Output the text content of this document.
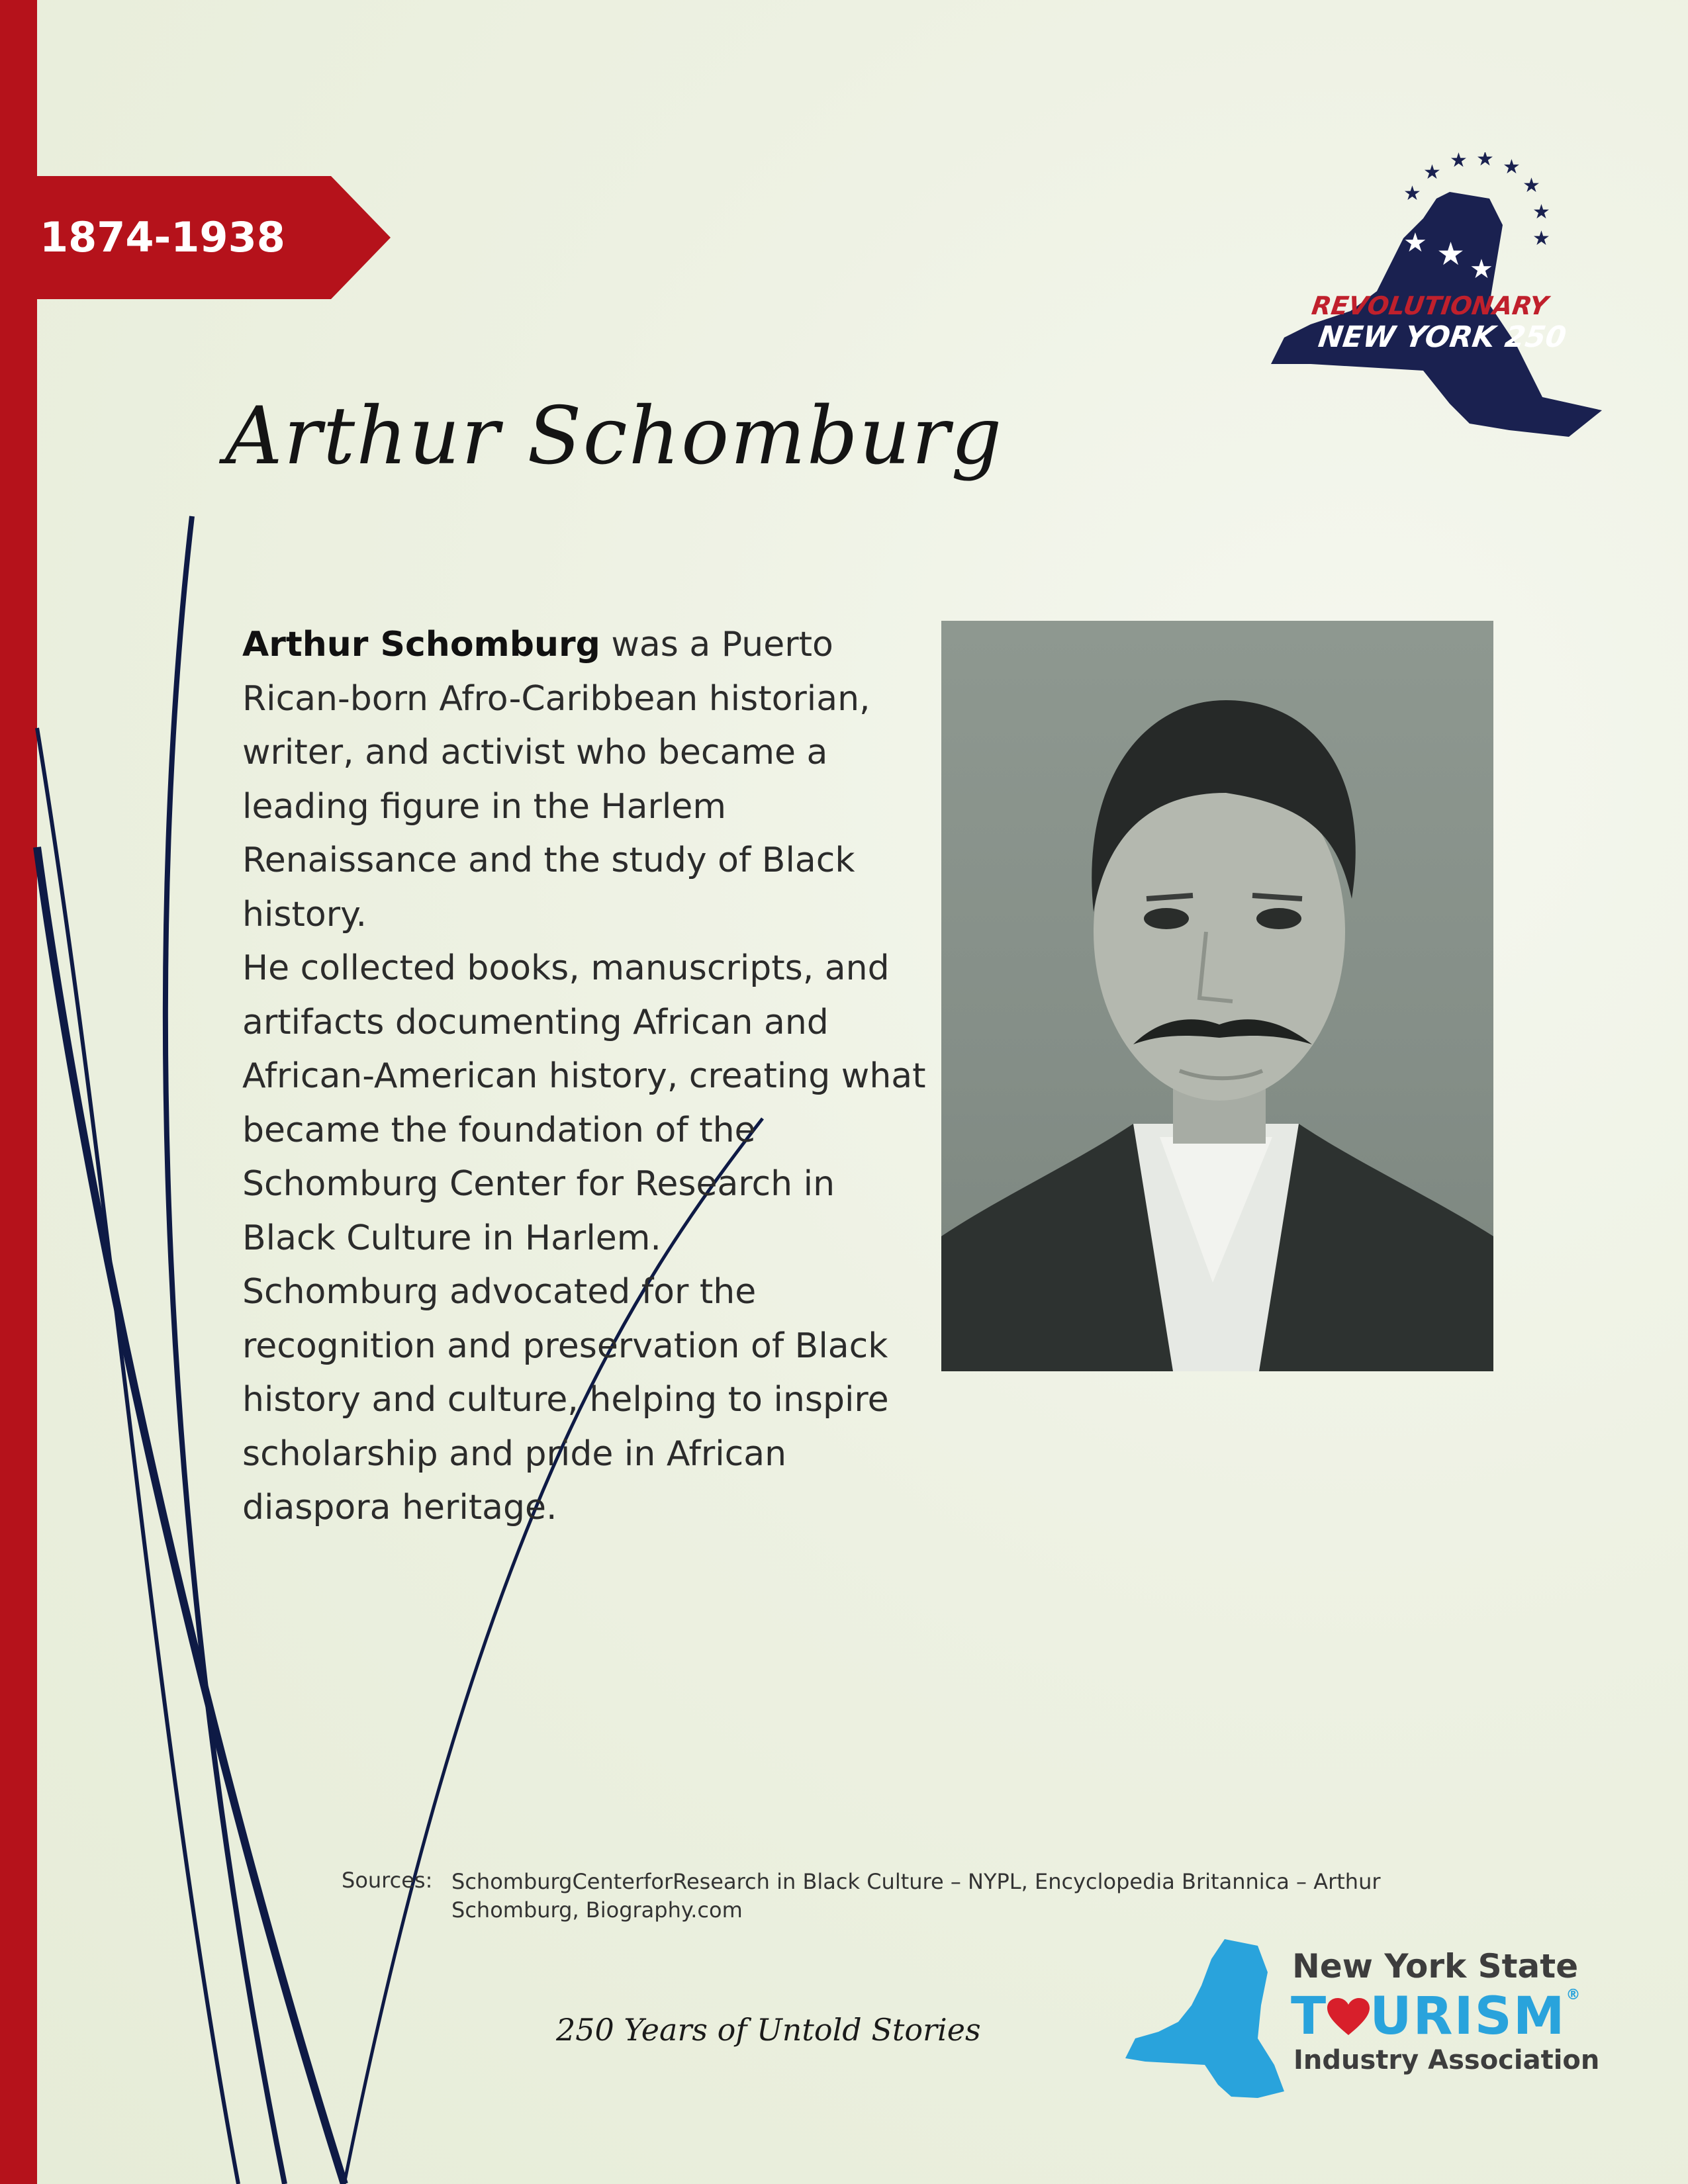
1874-1938
★
★ ★ ★
★
★
★
★
★ ★ ★
REVOLUTIONARY
NEW YORK 250
Arthur Schomburg

Arthur Schomburg was a Puerto Rican-born Afro-Caribbean historian, writer, and activist who became a leading figure in the Harlem Renaissance and the study of Black history.

He collected books, manuscripts, and artifacts documenting African and African-American history, creating what became the foundation of the Schomburg Center for Research in Black Culture in Harlem.

Schomburg advocated for the recognition and preservation of Black history and culture, helping to inspire scholarship and pride in African diaspora heritage.

Sources: SchomburgCenterforResearch in Black Culture – NYPL, Encyclopedia Britannica – Arthur Schomburg, Biography.com
250 Years of Untold Stories
New York State
T URISM®
Industry Association
